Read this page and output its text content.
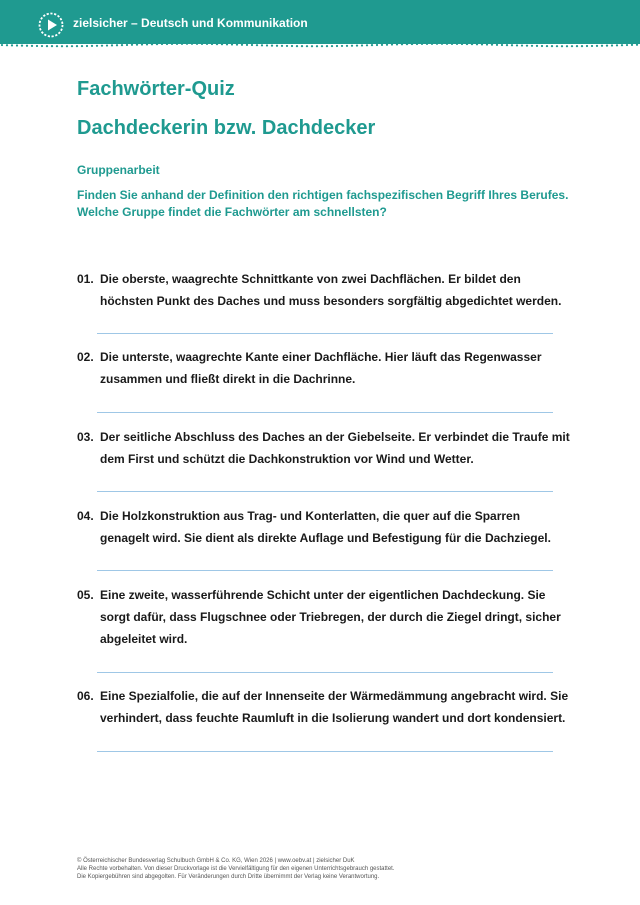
zielsicher – Deutsch und Kommunikation
Fachwörter-Quiz
Dachdeckerin bzw. Dachdecker
Gruppenarbeit
Finden Sie anhand der Definition den richtigen fachspezifischen Begriff Ihres Berufes.
Welche Gruppe findet die Fachwörter am schnellsten?
01. Die oberste, waagrechte Schnittkante von zwei Dachflächen. Er bildet den
höchsten Punkt des Daches und muss besonders sorgfältig abgedichtet werden.
02. Die unterste, waagrechte Kante einer Dachfläche. Hier läuft das Regenwasser
zusammen und fließt direkt in die Dachrinne.
03. Der seitliche Abschluss des Daches an der Giebelseite. Er verbindet die Traufe mit
dem First und schützt die Dachkonstruktion vor Wind und Wetter.
04. Die Holzkonstruktion aus Trag- und Konterlatten, die quer auf die Sparren
genagelt wird. Sie dient als direkte Auflage und Befestigung für die Dachziegel.
05. Eine zweite, wasserführende Schicht unter der eigentlichen Dachdeckung. Sie
sorgt dafür, dass Flugschnee oder Triebregen, der durch die Ziegel dringt, sicher
abgeleitet wird.
06. Eine Spezialfolie, die auf der Innenseite der Wärmedämmung angebracht wird. Sie
verhindert, dass feuchte Raumluft in die Isolierung wandert und dort kondensiert.
© Österreichischer Bundesverlag Schulbuch GmbH & Co. KG, Wien 2026 | www.oebv.at | zielsicher DuK
Alle Rechte vorbehalten. Von dieser Druckvorlage ist die Vervielfältigung für den eigenen Unterrichtsgebrauch gestattet.
Die Kopiergebühren sind abgegolten. Für Veränderungen durch Dritte übernimmt der Verlag keine Verantwortung.
